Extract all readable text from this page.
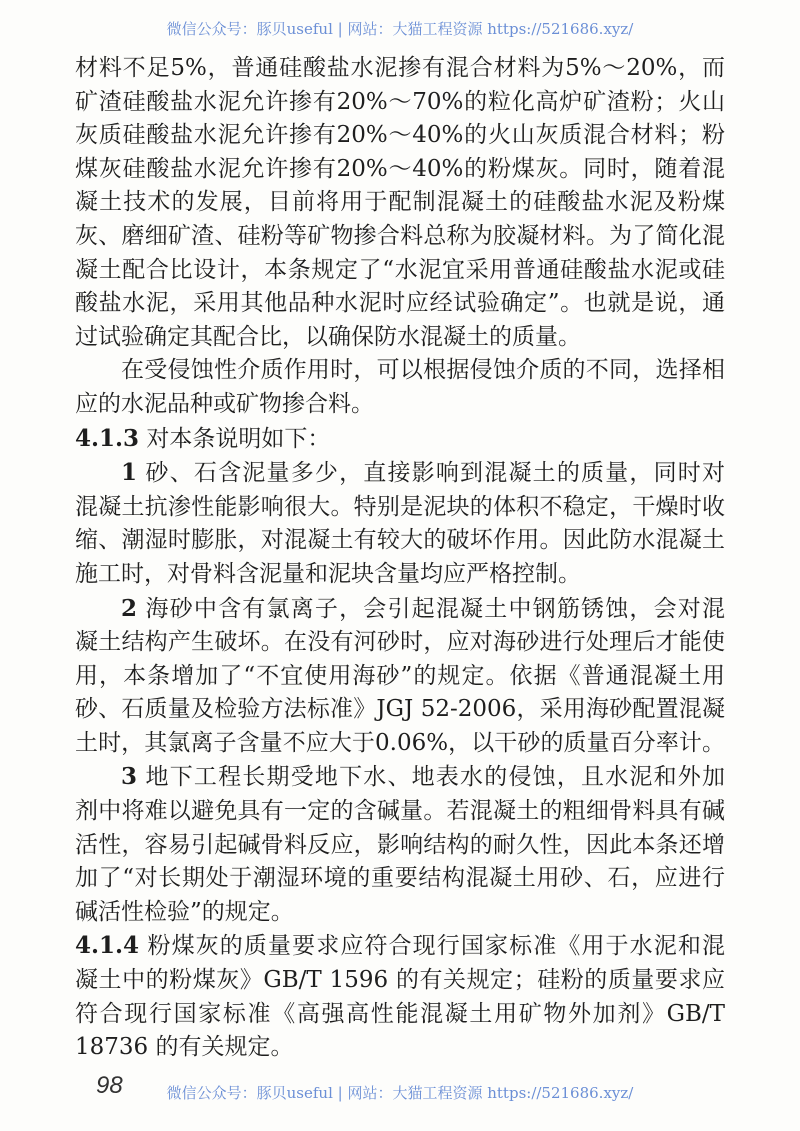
微信公众号：豚贝useful | 网站：大猫工程资源 https://521686.xyz/
材料不足5%，普通硅酸盐水泥掺有混合材料为5%～20%，而
矿渣硅酸盐水泥允许掺有20%～70%的粒化高炉矿渣粉；火山
灰质硅酸盐水泥允许掺有20%～40%的火山灰质混合材料；粉
煤灰硅酸盐水泥允许掺有20%～40%的粉煤灰。同时，随着混
凝土技术的发展，目前将用于配制混凝土的硅酸盐水泥及粉煤
灰、磨细矿渣、硅粉等矿物掺合料总称为胶凝材料。为了简化混
凝土配合比设计，本条规定了“水泥宜采用普通硅酸盐水泥或硅
酸盐水泥，采用其他品种水泥时应经试验确定”。也就是说，通
过试验确定其配合比，以确保防水混凝土的质量。
在受侵蚀性介质作用时，可以根据侵蚀介质的不同，选择相
应的水泥品种或矿物掺合料。
4.1.3 对本条说明如下：
1 砂、石含泥量多少，直接影响到混凝土的质量，同时对
混凝土抗渗性能影响很大。特别是泥块的体积不稳定，干燥时收
缩、潮湿时膨胀，对混凝土有较大的破坏作用。因此防水混凝土
施工时，对骨料含泥量和泥块含量均应严格控制。
2 海砂中含有氯离子，会引起混凝土中钢筋锈蚀，会对混
凝土结构产生破坏。在没有河砂时，应对海砂进行处理后才能使
用，本条增加了“不宜使用海砂”的规定。依据《普通混凝土用
砂、石质量及检验方法标准》JGJ 52-2006，采用海砂配置混凝
土时，其氯离子含量不应大于0.06%，以干砂的质量百分率计。
3 地下工程长期受地下水、地表水的侵蚀，且水泥和外加
剂中将难以避免具有一定的含碱量。若混凝土的粗细骨料具有碱
活性，容易引起碱骨料反应，影响结构的耐久性，因此本条还增
加了“对长期处于潮湿环境的重要结构混凝土用砂、石，应进行
碱活性检验”的规定。
4.1.4 粉煤灰的质量要求应符合现行国家标准《用于水泥和混
凝土中的粉煤灰》GB/T 1596 的有关规定；硅粉的质量要求应
符合现行国家标准《高强高性能混凝土用矿物外加剂》GB/T
18736 的有关规定。
98	微信公众号：豚贝useful | 网站：大猫工程资源 https://521686.xyz/
